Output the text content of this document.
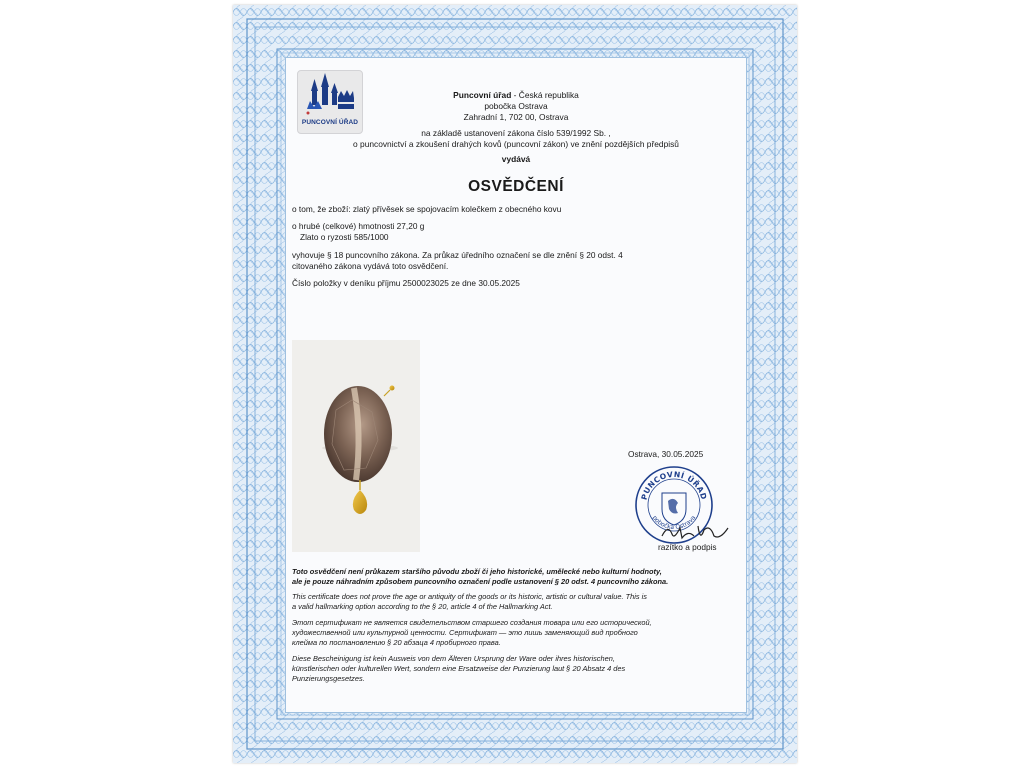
PUNCOVNÍ ÚŘAD
Puncovní úřad - Česká republika
pobočka Ostrava
Zahradní 1, 702 00, Ostrava
na základě ustanovení zákona číslo 539/1992 Sb. ,
o puncovnictví a zkoušení drahých kovů (puncovní zákon) ve znění pozdějších předpisů
vydává
OSVĚDČENÍ
o tom, že zboží: zlatý přívěsek se spojovacím kolečkem z obecného kovu
o hrubé (celkové) hmotnosti 27,20 g
Zlato o ryzosti 585/1000
vyhovuje § 18 puncovního zákona. Za průkaz úředního označení se dle znění § 20 odst. 4
citovaného zákona vydává toto osvědčení.
Číslo položky v deníku příjmu 2500023025 ze dne 30.05.2025
Ostrava, 30.05.2025
PUNCOVNÍ ÚŘAD
pobočka Ostrava
razítko a podpis
Toto osvědčení není průkazem staršího původu zboží či jeho historické, umělecké nebo kulturní hodnoty,
ale je pouze náhradním způsobem puncovního označení podle ustanovení § 20 odst. 4 puncovního zákona.
This certificate does not prove the age or antiquity of the goods or its historic, artistic or cultural value. This is
a valid hallmarking option according to the § 20, article 4 of the Hallmarking Act.
Этот сертификат не является свидетельством старшего создания товара или его исторической,
художественной или культурной ценности. Сертификат — это лишь заменяющий вид пробного
клейма по постановлению § 20 абзаца 4 пробирного права.
Diese Bescheinigung ist kein Ausweis von dem Älteren Ursprung der Ware oder ihres historischen,
künstlerischen oder kulturellen Wert, sondern eine Ersatzweise der Punzierung laut § 20 Absatz 4 des
Punzierungsgesetzes.
